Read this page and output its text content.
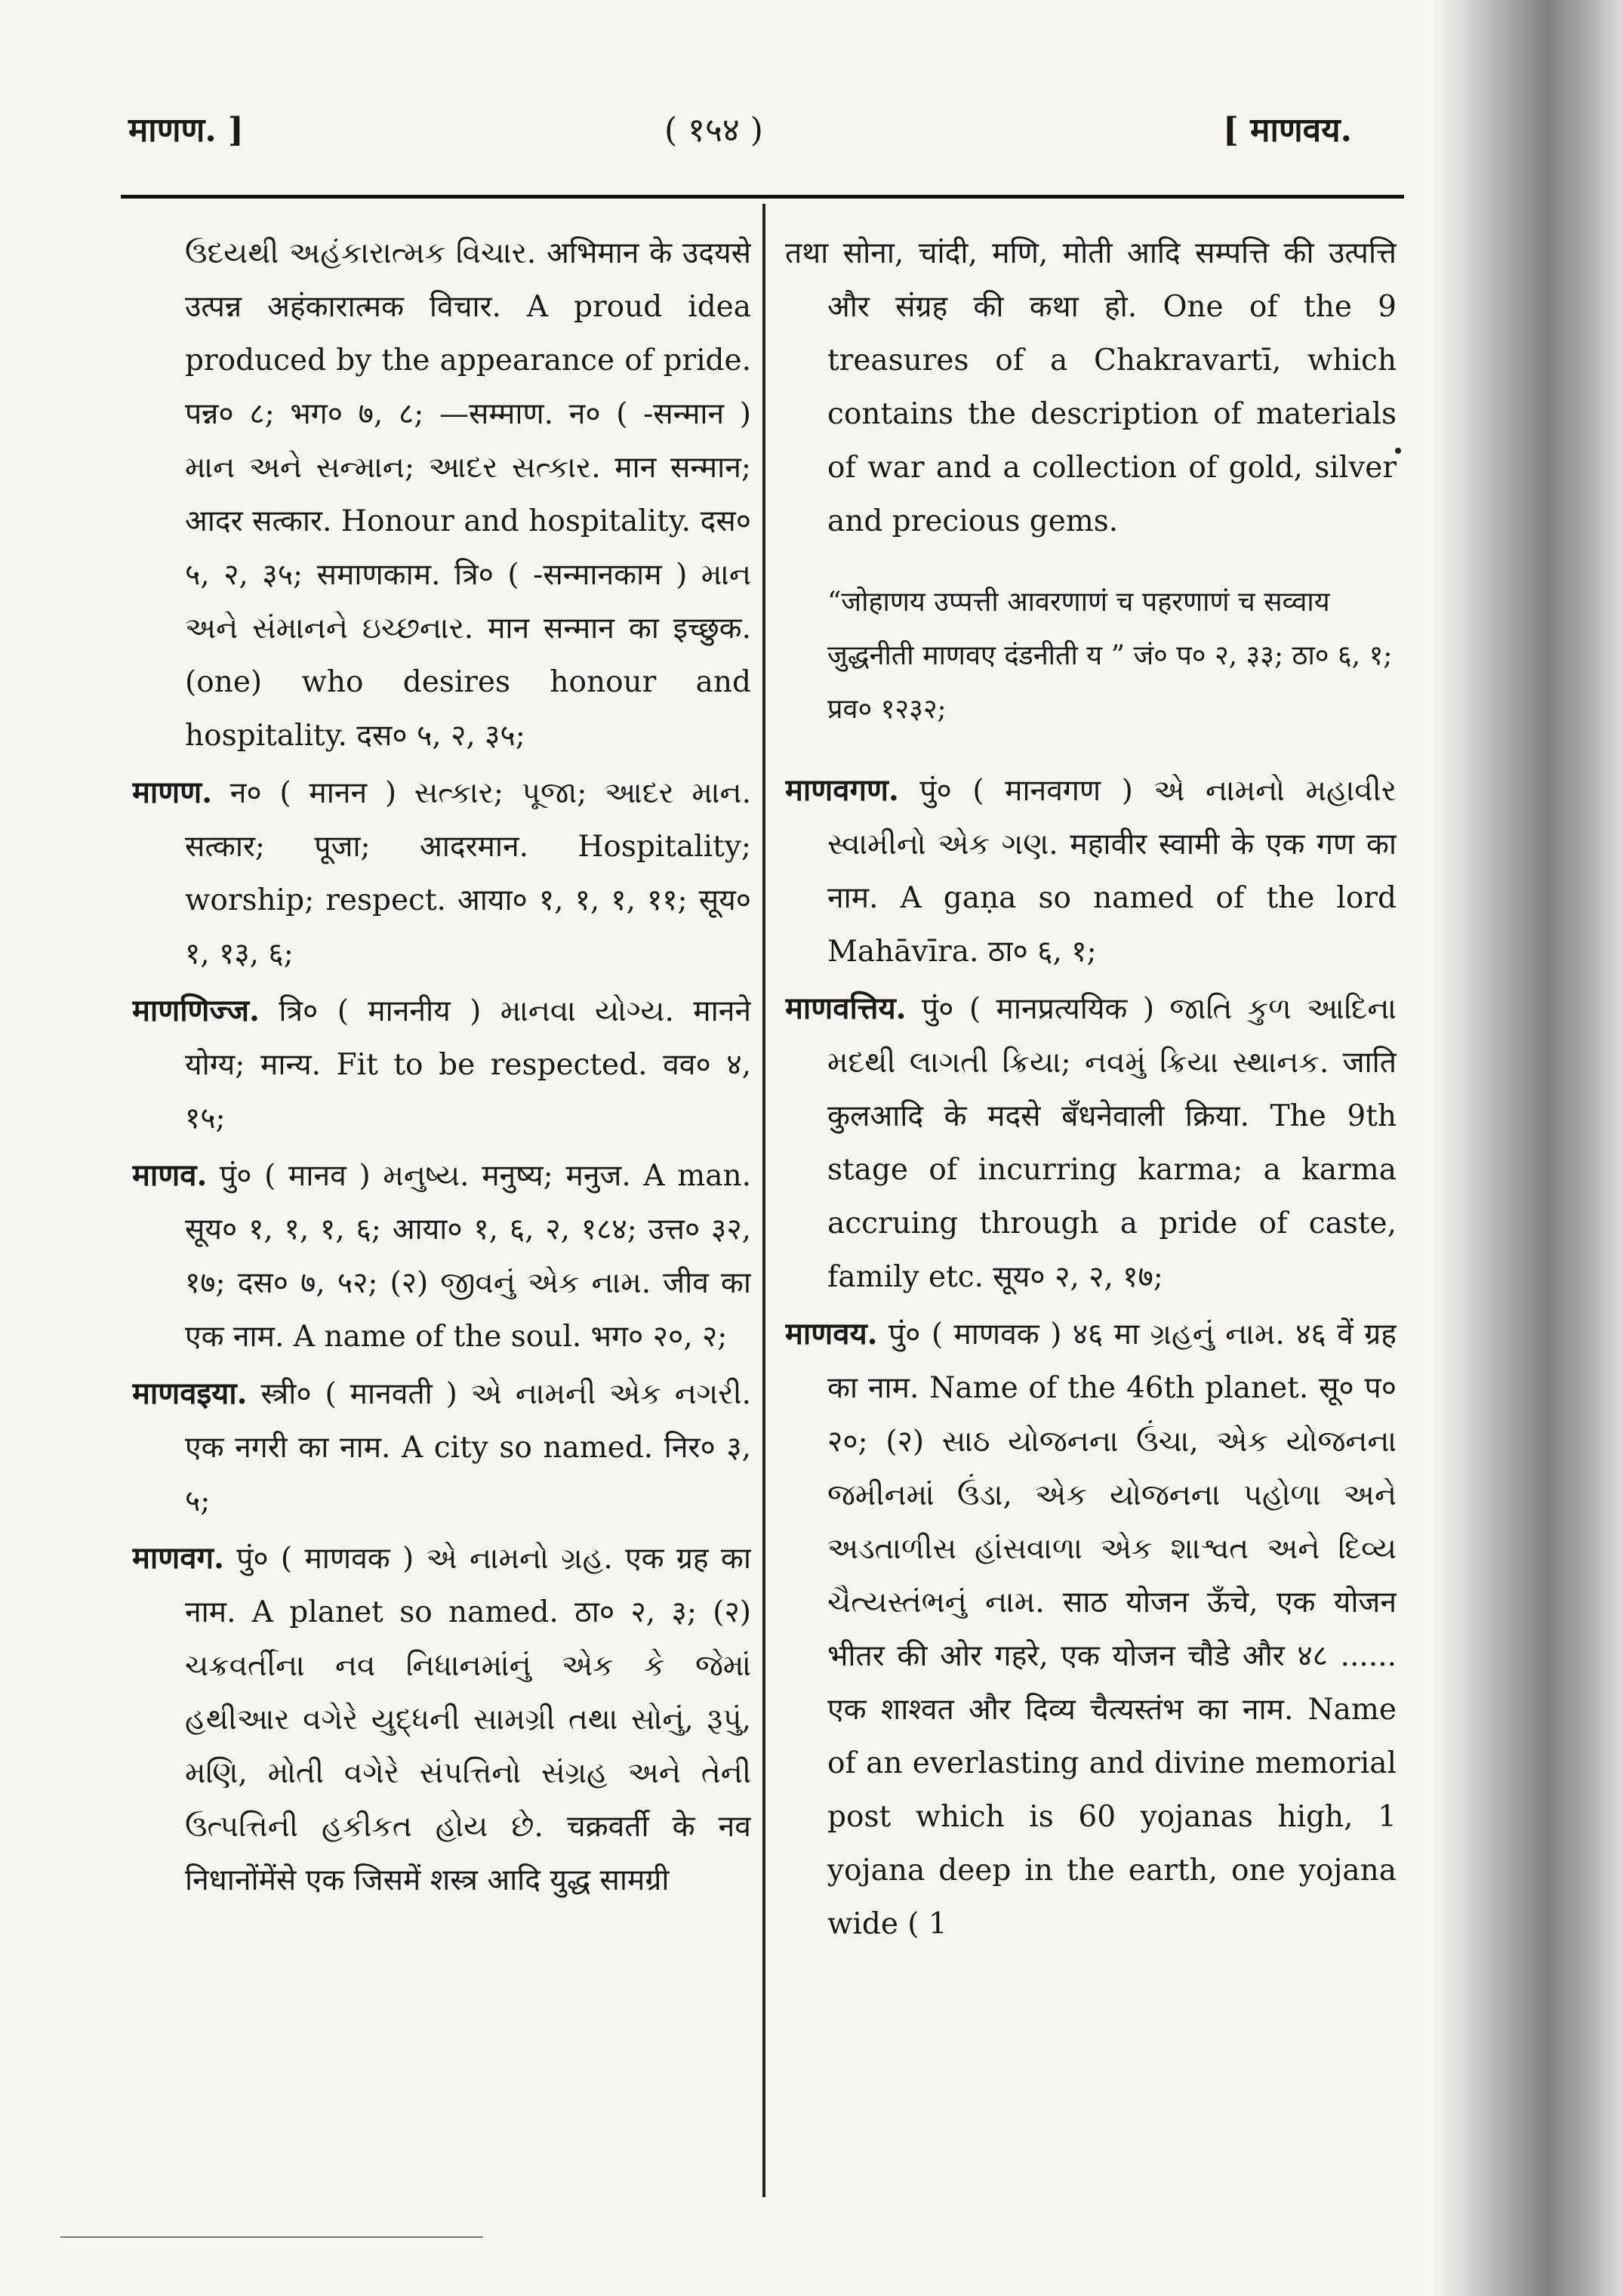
माणण. ]	( १५४ )	[ माणवय.

ઉદયથી અહંકારાત્મક વિચાર. अभिमान के उदयसे उत्पन्न अहंकारात्मक विचार. A proud idea produced by the appearance of pride. पन्न० ८; भग० ७, ८; —सम्माण. न० ( -सन्मान ) માન અને સન્માન; આદર સત્કાર. मान सन्मान; आदर सत्कार. Honour and hospitality. दस० ५, २, ३५; समाणकाम. त्रि० ( -सन्मानकाम ) માન અને સંમાનને ઇચ્છનાર. मान सन्मान का इच्छुक. (one) who desires honour and hospitality. दस० ५, २, ३५;

माणण. न० ( मानन ) સત્કાર; પૂજા; આદર માન. सत्कार; पूजा; आदरमान. Hospitality; worship; respect. आया० १, १, १, ११; सूय० १, १३, ६;

माणणिज्ज. त्रि० ( माननीय ) માનવા યોગ્ય. मानने योग्य; मान्य. Fit to be respected. वव० ४, १५;

माणव. पुं० ( मानव ) મનુષ્ય. मनुष्य; मनुज. A man. सूय० १, १, १, ६; आया० १, ६, २, १८४; उत्त० ३२, १७; दस० ७, ५२; (२) જીવનું એક નામ. जीव का एक नाम. A name of the soul. भग० २०, २;

माणवइया. स्त्री० ( मानवती ) એ નામની એક નગરી. एक नगरी का नाम. A city so named. निर० ३, ५;

माणवग. पुं० ( माणवक ) એ નામનો ગ્રહ. एक ग्रह का नाम. A planet so named. ठा० २, ३; (२) ચક્રવર્તીના નવ નિધાનમાંનું એક કે જેમાં હથીઆર વગેરે યુદ્ધની સામગ્રી તથા સોનું, રૂપું, મણિ, મોતી વગેરે સંપત્તિનો સંગ્રહ અને તેની ઉત્પત્તિની હકીકત હોય છે. चक्रवर्ती के नव निधानोंमेंसे एक जिसमें शस्त्र आदि युद्ध सामग्री

तथा सोना, चांदी, मणि, मोती आदि सम्पत्ति की उत्पत्ति और संग्रह की कथा हो. One of the 9 treasures of a Chakravartī, which contains the description of materials of war and a collection of gold, silver and precious gems.

“जोहाणय उप्पत्ती आवरणाणं च पहरणाणं च सव्वाय जुद्धनीती माणवए दंडनीती य ” जं० प० २, ३३; ठा० ६, १; प्रव० १२३२;

माणवगण. पुं० ( मानवगण ) એ નામનો મહાવીર સ્વામીનો એક ગણ. महावीर स्वामी के एक गण का नाम. A gaṇa so named of the lord Mahāvīra. ठा० ६, १;

माणवत्तिय. पुं० ( मानप्रत्ययिक ) જાતિ કુળ આદિના મદથી લાગતી ક્રિયા; નવમું ક્રિયા સ્થાનક. जाति कुलआदि के मदसे बँधनेवाली क्रिया. The 9th stage of incurring karma; a karma accruing through a pride of caste, family etc. सूय० २, २, १७;

माणवय. पुं० ( माणवक ) ४६ मा ગ્રહનું નામ. ४६ वें ग्रह का नाम. Name of the 46th planet. सू० प० २०; (२) સાઠ યોજનના ઉંચા, એક યોજનના જમીનમાં ઉંડા, એક યોજનના પહોળા અને અડતાળીસ હાંસવાળા એક શાશ્વત અને દિવ્ય ચૈત્યસ્તંભનું નામ. साठ योजन ऊँचे, एक योजन भीतर की ओर गहरे, एक योजन चौडे और ४८ ...... एक शाश्वत और दिव्य चैत्यस्तंभ का नाम. Name of an everlasting and divine memorial post which is 60 yojanas high, 1 yojana deep in the earth, one yojana wide ( 1
